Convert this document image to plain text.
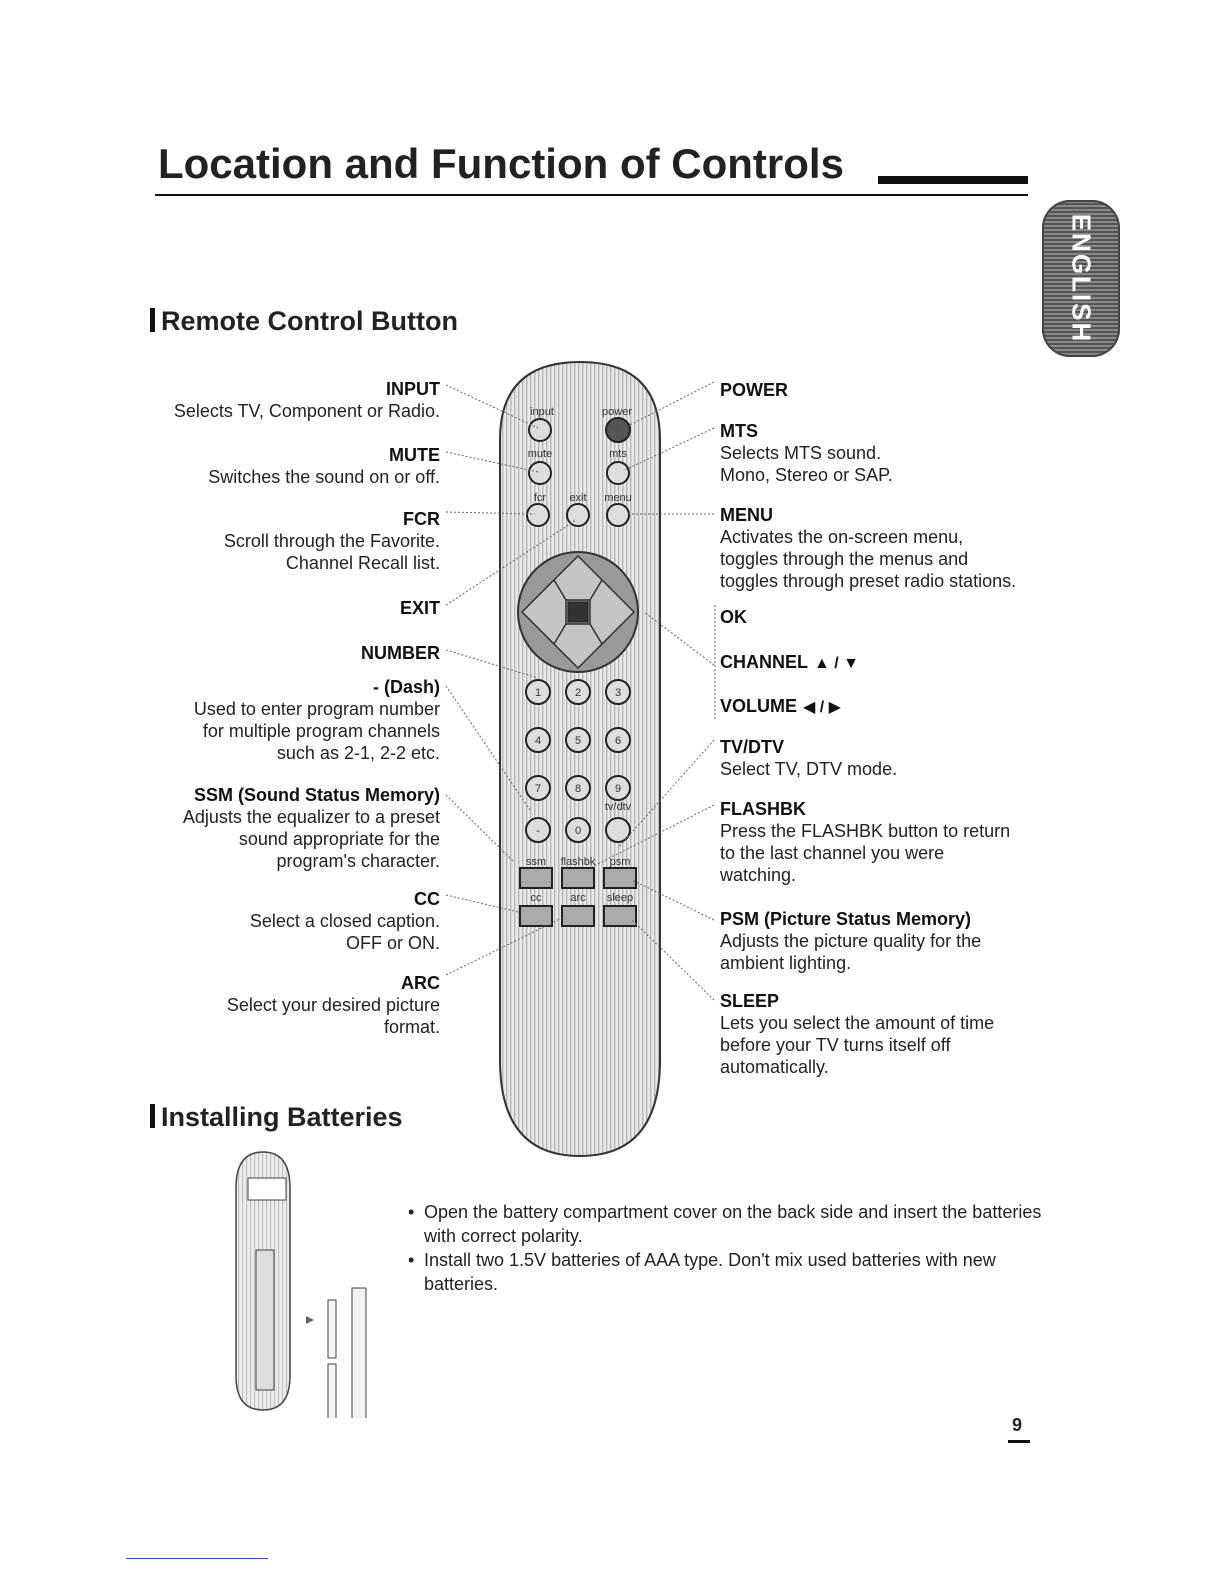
Location and Function of Controls
ENGLISH
Remote Control Button
Installing Batteries
input	power
mute	mts
fcr exit menu
1	2	3
4	5	6
7	8	9
-	0
tv/dtv
ssm flashbk psm
cc	arc sleep
INPUT
Selects TV, Component or Radio.
MUTE
Switches the sound on or off.
FCR
Scroll through the Favorite.
Channel Recall list.
EXIT
NUMBER
- (Dash)
Used to enter program number
for multiple program channels
such as 2-1, 2-2 etc.
SSM (Sound Status Memory)
Adjusts the equalizer to a preset
sound appropriate for the
program's character.
CC
Select a closed caption.
OFF or ON.
ARC
Select your desired picture
format.
POWER
MTS
Selects MTS sound.
Mono, Stereo or SAP.
MENU
Activates the on-screen menu,
toggles through the menus and
toggles through preset radio stations.
OK
CHANNEL ▲ / ▼
VOLUME ◀ / ▶
TV/DTV
Select TV, DTV mode.
FLASHBK
Press the FLASHBK button to return
to the last channel you were
watching.
PSM (Picture Status Memory)
Adjusts the picture quality for the
ambient lighting.
SLEEP
Lets you select the amount of time
before your TV turns itself off
automatically.
• Open the battery compartment cover on the back side and insert the batteries with correct polarity.
• Install two 1.5V batteries of AAA type. Don't mix used batteries with new batteries.
9
